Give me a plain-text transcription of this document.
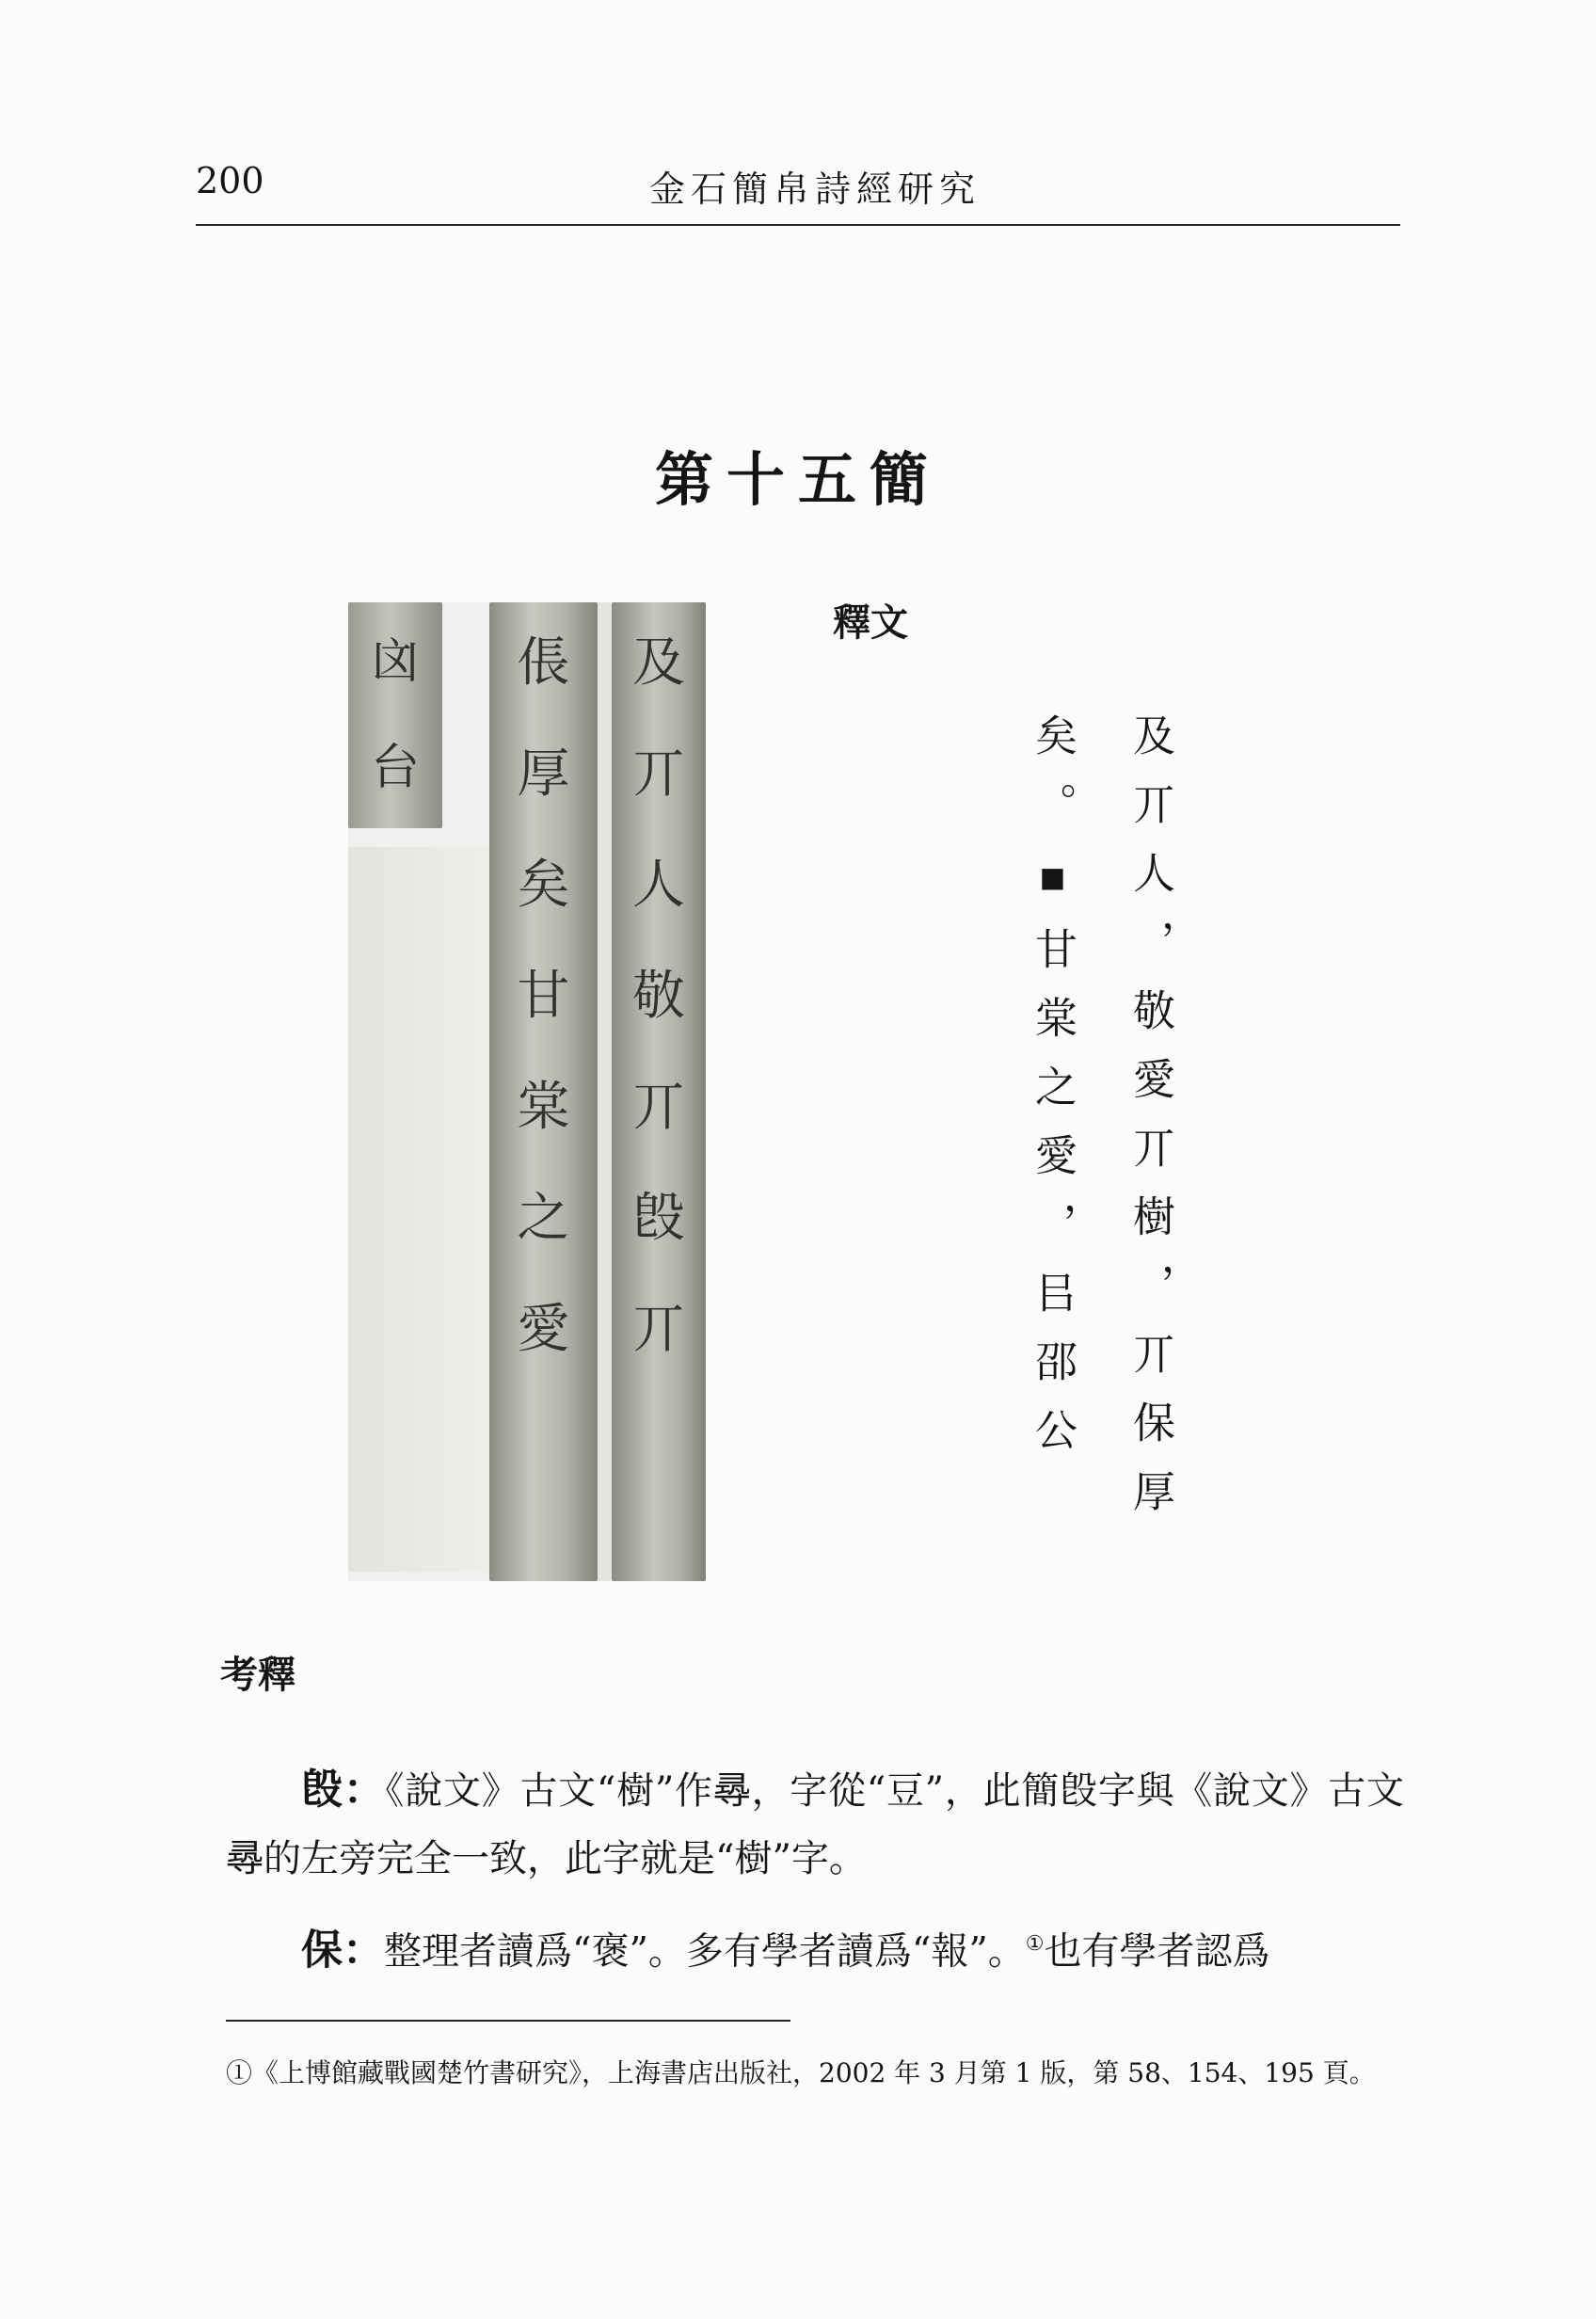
200	金石簡帛詩經研究
第十五簡
㓙
台
倀
厚
矣
甘
棠
之
愛
及
丌
人
敬
丌
𣪘
丌
釋文
及丌人，敬愛丌樹，丌保厚
矣。▪甘棠之愛，㠯邵公
考釋
𣪘：《說文》古文“樹”作𡬶，字從“豆”，此簡𣪘字與《說文》古文𡬶的左旁完全一致，此字就是“樹”字。
保：整理者讀爲“褒”。多有學者讀爲“報”。①也有學者認爲
①《上博館藏戰國楚竹書研究》，上海書店出版社，2002 年 3 月第 1 版，第 58、154、195 頁。
